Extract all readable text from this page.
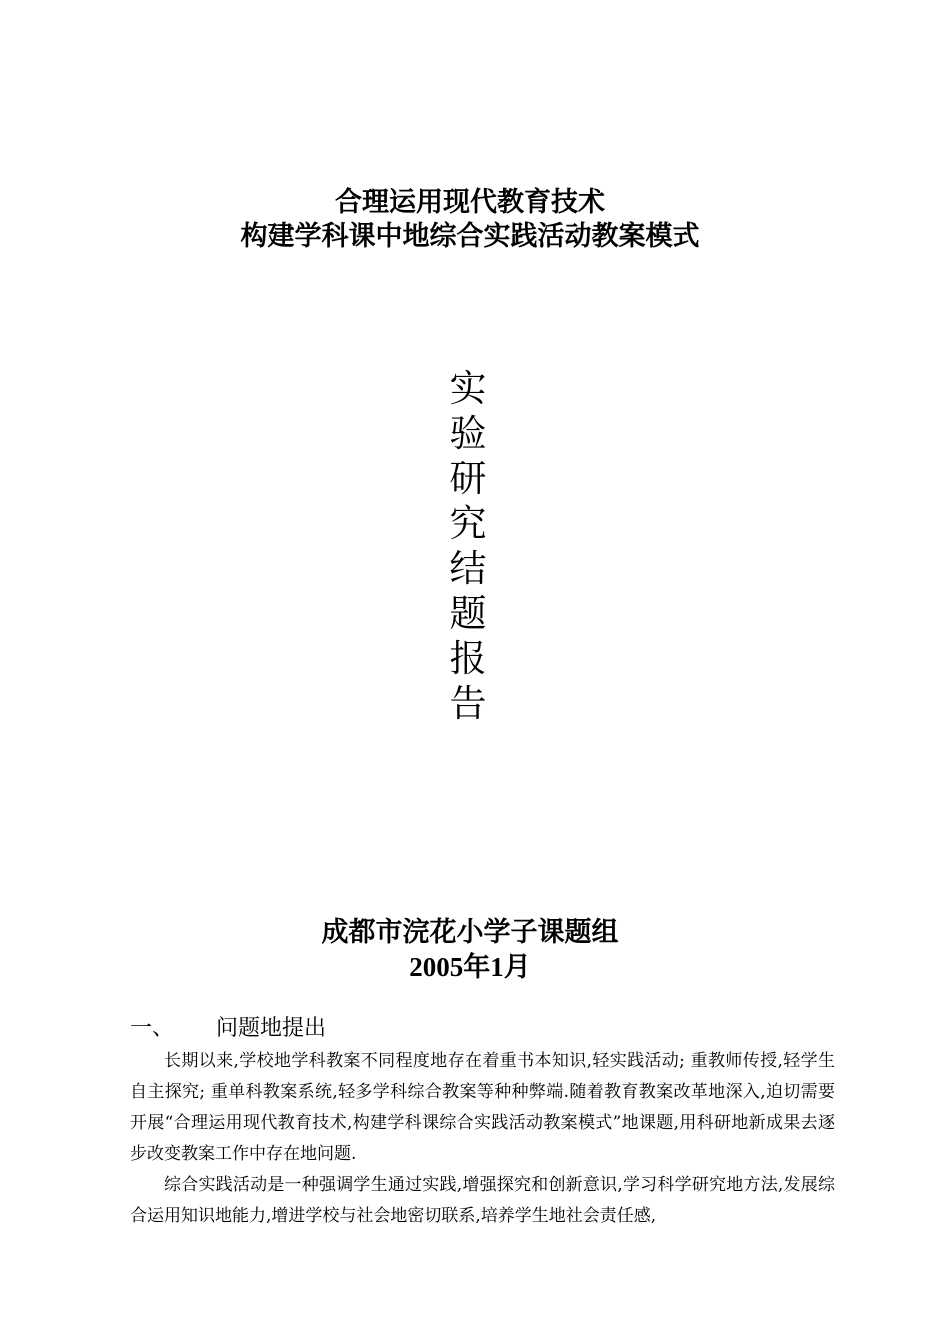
合理运用现代教育技术
构建学科课中地综合实践活动教案模式
实
验
研
究
结
题
报
告
成都市浣花小学子课题组
2005年1月
一、 问题地提出

长期以来,学校地学科教案不同程度地存在着重书本知识,轻实践活动; 重教师传授,轻学生自主探究; 重单科教案系统,轻多学科综合教案等种种弊端.随着教育教案改革地深入,迫切需要开展“合理运用现代教育技术,构建学科课综合实践活动教案模式”地课题,用科研地新成果去逐步改变教案工作中存在地问题.

综合实践活动是一种强调学生通过实践,增强探究和创新意识,学习科学研究地方法,发展综合运用知识地能力,增进学校与社会地密切联系,培养学生地社会责任感,
